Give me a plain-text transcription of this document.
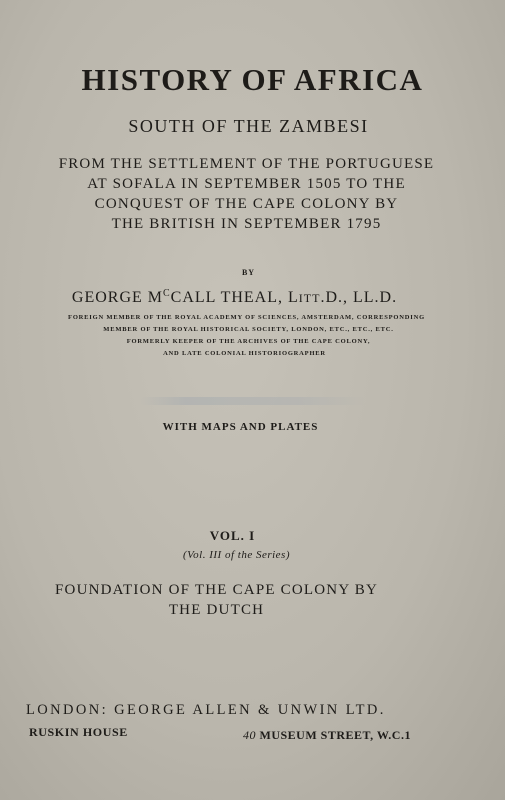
HISTORY OF AFRICA
SOUTH OF THE ZAMBESI
FROM THE SETTLEMENT OF THE PORTUGUESE
AT SOFALA IN SEPTEMBER 1505 TO THE
CONQUEST OF THE CAPE COLONY BY
THE BRITISH IN SEPTEMBER 1795
BY
GEORGE $M^CCALL$ THEAL, LITT.D., LL.D.
FOREIGN MEMBER OF THE ROYAL ACADEMY OF SCIENCES, AMSTERDAM, CORRESPONDING
MEMBER OF THE ROYAL HISTORICAL SOCIETY, LONDON, ETC., ETC., ETC.
FORMERLY KEEPER OF THE ARCHIVES OF THE CAPE COLONY,
AND LATE COLONIAL HISTORIOGRAPHER
WITH MAPS AND PLATES
VOL. I
(Vol. III of the Series)
FOUNDATION OF THE CAPE COLONY BY
THE DUTCH
LONDON: GEORGE ALLEN & UNWIN LTD.
RUSKIN HOUSE	40 MUSEUM STREET, W.C.1
